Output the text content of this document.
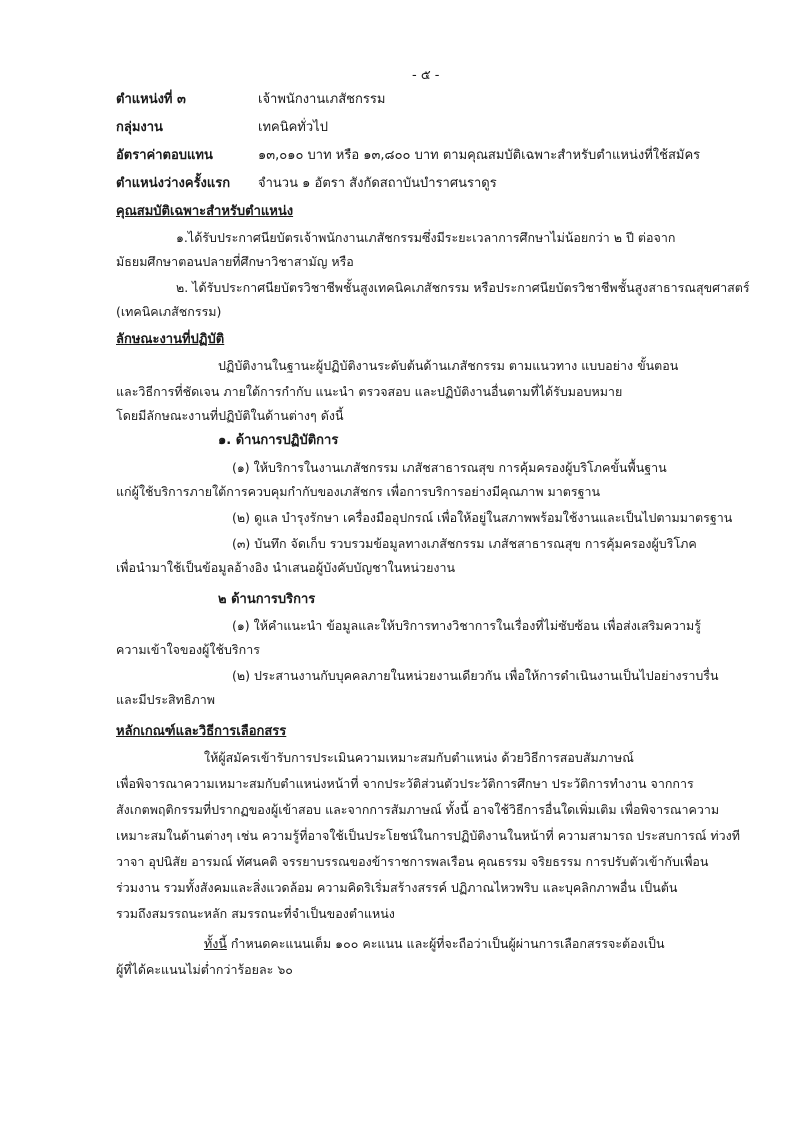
- ๕ -
ตำแหน่งที่ ๓	เจ้าพนักงานเภสัชกรรม
กลุ่มงาน	เทคนิคทั่วไป
อัตราค่าตอบแทน	๑๓,๐๑๐ บาท หรือ ๑๓,๘๐๐ บาท ตามคุณสมบัติเฉพาะสำหรับตำแหน่งที่ใช้สมัคร
ตำแหน่งว่างครั้งแรก จำนวน ๑ อัตรา สังกัดสถาบันบำราศนราดูร
คุณสมบัติเฉพาะสำหรับตำแหน่ง
๑.ได้รับประกาศนียบัตรเจ้าพนักงานเภสัชกรรมซึ่งมีระยะเวลาการศึกษาไม่น้อยกว่า ๒ ปี ต่อจาก
มัธยมศึกษาตอนปลายที่ศึกษาวิชาสามัญ หรือ
๒. ได้รับประกาศนียบัตรวิชาชีพชั้นสูงเทคนิคเภสัชกรรม หรือประกาศนียบัตรวิชาชีพชั้นสูงสาธารณสุขศาสตร์
(เทคนิคเภสัชกรรม)
ลักษณะงานที่ปฏิบัติ
ปฏิบัติงานในฐานะผู้ปฏิบัติงานระดับต้นด้านเภสัชกรรม ตามแนวทาง แบบอย่าง ขั้นตอน
และวิธีการที่ชัดเจน ภายใต้การกำกับ แนะนำ ตรวจสอบ และปฏิบัติงานอื่นตามที่ได้รับมอบหมาย
โดยมีลักษณะงานที่ปฏิบัติในด้านต่างๆ ดังนี้
๑. ด้านการปฏิบัติการ
(๑) ให้บริการในงานเภสัชกรรม เภสัชสาธารณสุข การคุ้มครองผู้บริโภคขั้นพื้นฐาน
แก่ผู้ใช้บริการภายใต้การควบคุมกำกับของเภสัชกร เพื่อการบริการอย่างมีคุณภาพ มาตรฐาน
(๒) ดูแล บำรุงรักษา เครื่องมืออุปกรณ์ เพื่อให้อยู่ในสภาพพร้อมใช้งานและเป็นไปตามมาตรฐาน
(๓) บันทึก จัดเก็บ รวบรวมข้อมูลทางเภสัชกรรม เภสัชสาธารณสุข การคุ้มครองผู้บริโภค
เพื่อนำมาใช้เป็นข้อมูลอ้างอิง นำเสนอผู้บังคับบัญชาในหน่วยงาน
๒ ด้านการบริการ
(๑) ให้คำแนะนำ ข้อมูลและให้บริการทางวิชาการในเรื่องที่ไม่ซับซ้อน เพื่อส่งเสริมความรู้
ความเข้าใจของผู้ใช้บริการ
(๒) ประสานงานกับบุคคลภายในหน่วยงานเดียวกัน เพื่อให้การดำเนินงานเป็นไปอย่างราบรื่น
และมีประสิทธิภาพ
หลักเกณฑ์และวิธีการเลือกสรร
ให้ผู้สมัครเข้ารับการประเมินความเหมาะสมกับตำแหน่ง ด้วยวิธีการสอบสัมภาษณ์
เพื่อพิจารณาความเหมาะสมกับตำแหน่งหน้าที่ จากประวัติส่วนตัวประวัติการศึกษา ประวัติการทำงาน จากการ
สังเกตพฤติกรรมที่ปรากฏของผู้เข้าสอบ และจากการสัมภาษณ์ ทั้งนี้ อาจใช้วิธีการอื่นใดเพิ่มเติม เพื่อพิจารณาความ
เหมาะสมในด้านต่างๆ เช่น ความรู้ที่อาจใช้เป็นประโยชน์ในการปฏิบัติงานในหน้าที่ ความสามารถ ประสบการณ์ ท่วงที
วาจา อุปนิสัย อารมณ์ ทัศนคติ จรรยาบรรณของข้าราชการพลเรือน คุณธรรม จริยธรรม การปรับตัวเข้ากับเพื่อน
ร่วมงาน รวมทั้งสังคมและสิ่งแวดล้อม ความคิดริเริ่มสร้างสรรค์ ปฏิภาณไหวพริบ และบุคลิกภาพอื่น เป็นต้น
รวมถึงสมรรถนะหลัก สมรรถนะที่จำเป็นของตำแหน่ง
ทั้งนี้ กำหนดคะแนนเต็ม ๑๐๐ คะแนน และผู้ที่จะถือว่าเป็นผู้ผ่านการเลือกสรรจะต้องเป็น
ผู้ที่ได้คะแนนไม่ต่ำกว่าร้อยละ ๖๐
